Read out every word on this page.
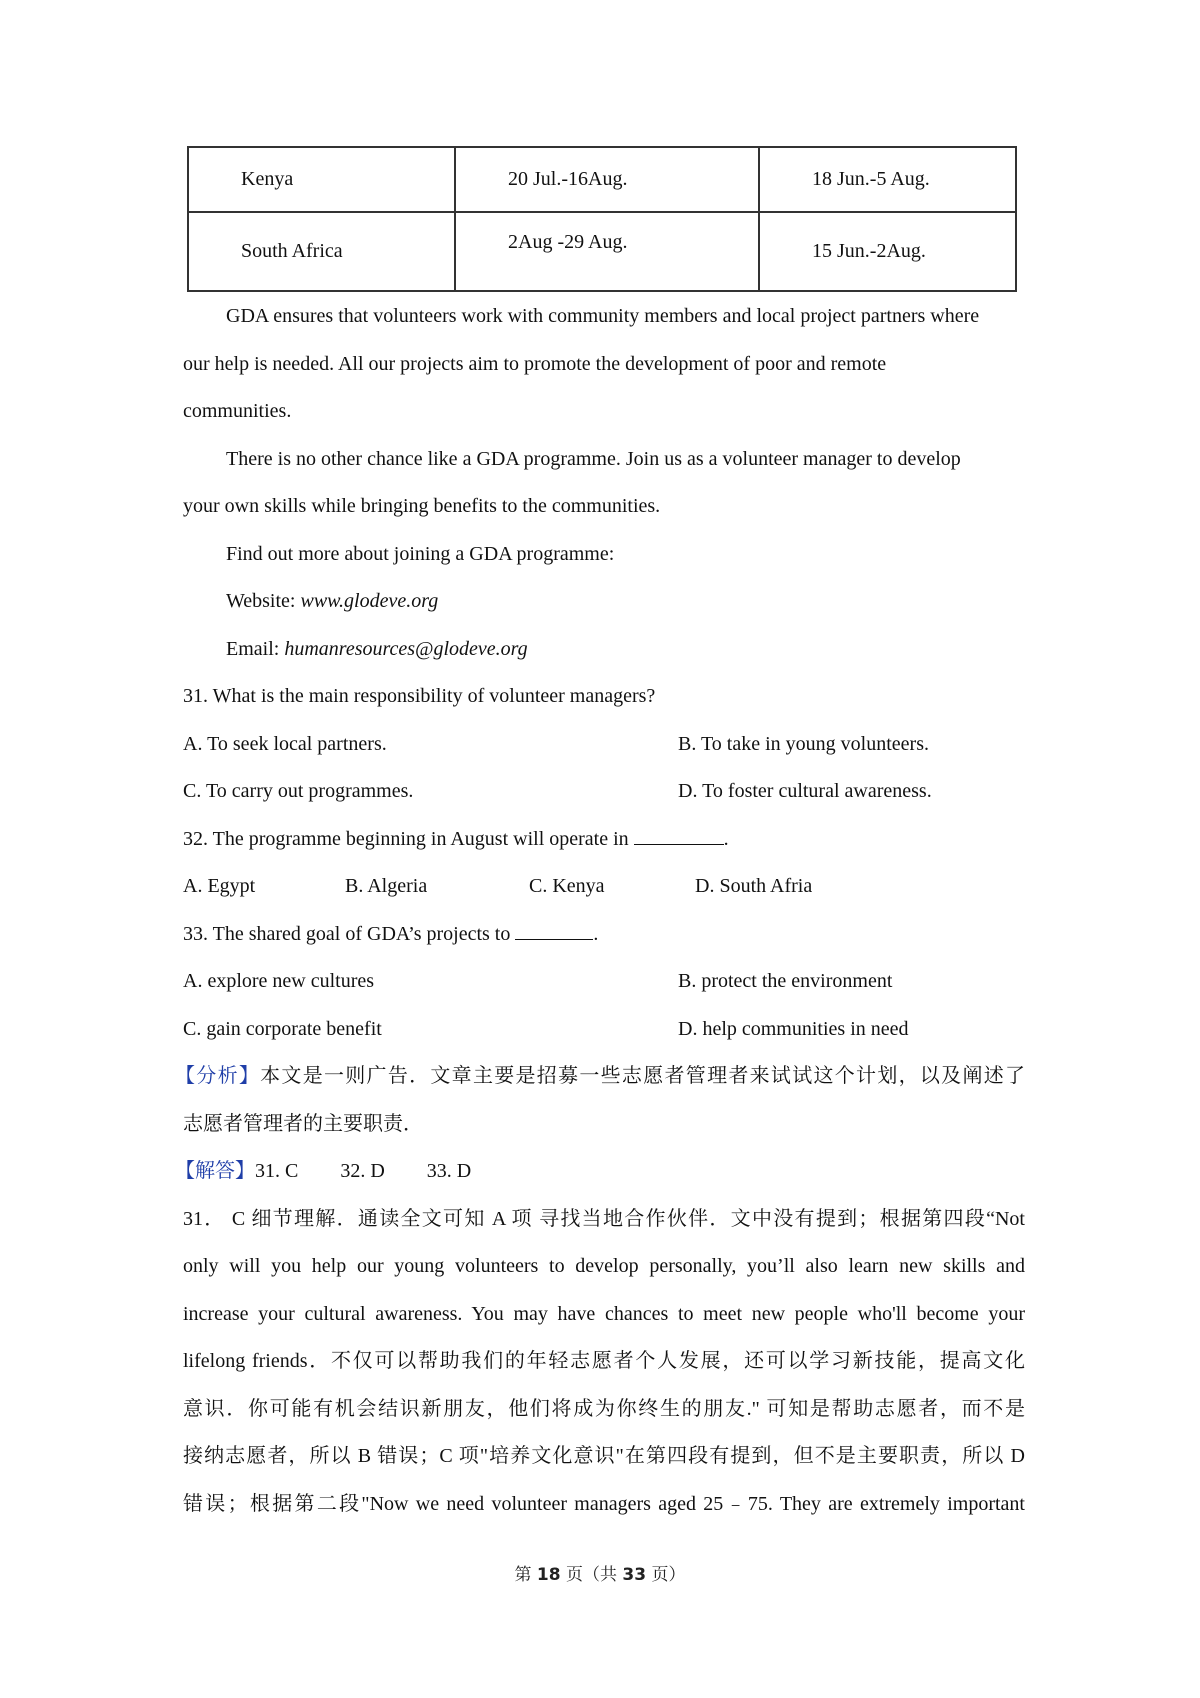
Kenya	20 Jul.-16Aug.	18 Jun.-5 Aug.
South Africa	2Aug -29 Aug.	15 Jun.-2Aug.
GDA ensures that volunteers work with community members and local project partners where
our help is needed. All our projects aim to promote the development of poor and remote
communities.
There is no other chance like a GDA programme. Join us as a volunteer manager to develop
your own skills while bringing benefits to the communities.
Find out more about joining a GDA programme:
Website: www.glodeve.org
Email: humanresources@glodeve.org
31. What is the main responsibility of volunteer managers?
A. To seek local partners.	B. To take in young volunteers.
C. To carry out programmes.	D. To foster cultural awareness.
32. The programme beginning in August will operate in	.
A. Egypt	B. Algeria	C. Kenya	D. South Afria
33. The shared goal of GDA’s projects to	.
A. explore new cultures	B. protect the environment
C. gain corporate benefit	D. help communities in need
【分析】本文是一则广告．文章主要是招募一些志愿者管理者来试试这个计划，以及阐述了
志愿者管理者的主要职责．
【解答】31. C 32. D 33. D
31． C 细节理解．通读全文可知 A 项 寻找当地合作伙伴．文中没有提到；根据第四段“Not
only will you help our young volunteers to develop personally, you’ll also learn new skills and
increase your cultural awareness. You may have chances to meet new people who'll become your
lifelong friends．不仅可以帮助我们的年轻志愿者个人发展，还可以学习新技能，提高文化
意识．你可能有机会结识新朋友，他们将成为你终生的朋友." 可知是帮助志愿者，而不是
接纳志愿者，所以 B 错误；C 项"培养文化意识"在第四段有提到，但不是主要职责，所以 D
错误；根据第二段"Now we need volunteer managers aged 25﹣75. They are extremely important
第 18 页（共 33 页）
